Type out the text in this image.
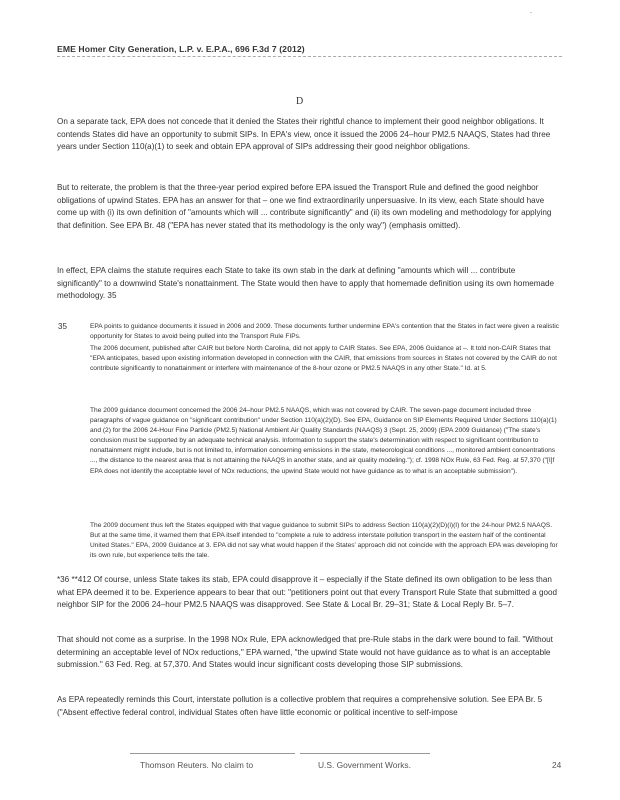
EME Homer City Generation, L.P. v. E.P.A., 696 F.3d 7 (2012)
-
D

On a separate tack, EPA does not concede that it denied the States their rightful chance to implement their good neighbor obligations. It contends States did have an opportunity to submit SIPs. In EPA's view, once it issued the 2006 24–hour PM2.5 NAAQS, States had three years under Section 110(a)(1) to seek and obtain EPA approval of SIPs addressing their good neighbor obligations.

But to reiterate, the problem is that the three-year period expired before EPA issued the Transport Rule and defined the good neighbor obligations of upwind States. EPA has an answer for that – one we find extraordinarily unpersuasive. In its view, each State should have come up with (i) its own definition of "amounts which will ... contribute significantly" and (ii) its own modeling and methodology for applying that definition. See EPA Br. 48 ("EPA has never stated that its methodology is the only way") (emphasis omitted).

In effect, EPA claims the statute requires each State to take its own stab in the dark at defining "amounts which will ... contribute significantly" to a downwind State's nonattainment. The State would then have to apply that homemade definition using its own homemade methodology. 35

35	EPA points to guidance documents it issued in 2006 and 2009. These documents further undermine EPA's contention that the States in fact were given a realistic opportunity for States to avoid being pulled into the Transport Rule FIPs.

The 2006 document, published after CAIR but before North Carolina, did not apply to CAIR States. See EPA, 2006 Guidance at –. It told non-CAIR States that "EPA anticipates, based upon existing information developed in connection with the CAIR, that emissions from sources in States not covered by the CAIR do not contribute significantly to nonattainment or interfere with maintenance of the 8-hour ozone or PM2.5 NAAQS in any other State." Id. at 5.

The 2009 guidance document concerned the 2006 24–hour PM2.5 NAAQS, which was not covered by CAIR. The seven-page document included three paragraphs of vague guidance on "significant contribution" under Section 110(a)(2)(D). See EPA, Guidance on SIP Elements Required Under Sections 110(a)(1) and (2) for the 2006 24-Hour Fine Particle (PM2.5) National Ambient Air Quality Standards (NAAQS) 3 (Sept. 25, 2009) (EPA 2009 Guidance) ("The state's conclusion must be supported by an adequate technical analysis. Information to support the state's determination with respect to significant contribution to nonattainment might include, but is not limited to, information concerning emissions in the state, meteorological conditions ..., monitored ambient concentrations ..., the distance to the nearest area that is not attaining the NAAQS in another state, and air quality modeling."); cf. 1998 NOx Rule, 63 Fed. Reg. at 57,370 ("[I]f EPA does not identify the acceptable level of NOx reductions, the upwind State would not have guidance as to what is an acceptable submission").

The 2009 document thus left the States equipped with that vague guidance to submit SIPs to address Section 110(a)(2)(D)(i)(I) for the 24-hour PM2.5 NAAQS. But at the same time, it warned them that EPA itself intended to "complete a rule to address interstate pollution transport in the eastern half of the continental United States." EPA, 2009 Guidance at 3. EPA did not say what would happen if the States' approach did not coincide with the approach EPA was developing for its own rule, but experience tells the tale.

*36 **412 Of course, unless State takes its stab, EPA could disapprove it – especially if the State defined its own obligation to be less than what EPA deemed it to be. Experience appears to bear that out: "petitioners point out that every Transport Rule State that submitted a good neighbor SIP for the 2006 24–hour PM2.5 NAAQS was disapproved. See State & Local Br. 29–31; State & Local Reply Br. 5–7.

That should not come as a surprise. In the 1998 NOx Rule, EPA acknowledged that pre-Rule stabs in the dark were bound to fail. "Without determining an acceptable level of NOx reductions," EPA warned, "the upwind State would not have guidance as to what is an acceptable submission." 63 Fed. Reg. at 57,370. And States would incur significant costs developing those SIP submissions.

As EPA repeatedly reminds this Court, interstate pollution is a collective problem that requires a comprehensive solution. See EPA Br. 5 ("Absent effective federal control, individual States often have little economic or political incentive to self-impose

Thomson Reuters. No claim to	U.S. Government Works.	24
